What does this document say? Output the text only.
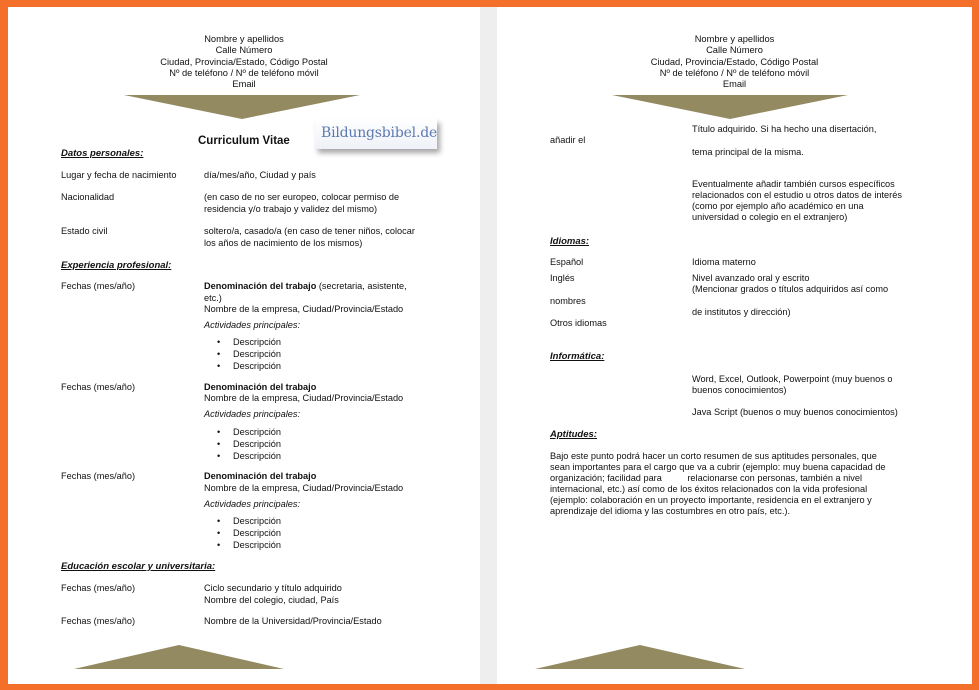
Nombre y apellidos
Calle Número
Ciudad, Provincia/Estado, Código Postal
Nº de teléfono / Nº de teléfono móvil
Email
Bildungsbibel.de
Curriculum Vitae
Datos personales:
Lugar y fecha de nacimiento	día/mes/año, Ciudad y país
Nacionalidad	(en caso de no ser europeo, colocar permiso de
residencia y/o trabajo y validez del mismo)
Estado civil	soltero/a, casado/a (en caso de tener niños, colocar
los años de nacimiento de los mismos)
Experiencia profesional:
Fechas (mes/año)	Denominación del trabajo (secretaria, asistente,
etc.)
Nombre de la empresa, Ciudad/Provincia/Estado
Actividades principales:
• Descripción
• Descripción
• Descripción
Fechas (mes/año)	Denominación del trabajo
Nombre de la empresa, Ciudad/Provincia/Estado
Actividades principales:
• Descripción
• Descripción
• Descripción
Fechas (mes/año)	Denominación del trabajo
Nombre de la empresa, Ciudad/Provincia/Estado
Actividades principales:
• Descripción
• Descripción
• Descripción
Educación escolar y universitaria:
Fechas (mes/año)	Ciclo secundario y título adquirido
Nombre del colegio, ciudad, País
Fechas (mes/año)	Nombre de la Universidad/Provincia/Estado
Nombre y apellidos
Calle Número
Ciudad, Provincia/Estado, Código Postal
Nº de teléfono / Nº de teléfono móvil
Email
Título adquirido. Si ha hecho una disertación,
añadir el
tema principal de la misma.
Eventualmente añadir también cursos específicos
relacionados con el estudio u otros datos de interés
(como por ejemplo año académico en una
universidad o colegio en el extranjero)
Idiomas:
Español	Idioma materno
Inglés	Nivel avanzado oral y escrito
(Mencionar grados o títulos adquiridos así como
nombres
de institutos y dirección)
Otros idiomas
Informática:
Word, Excel, Outlook, Powerpoint (muy buenos o
buenos conocimientos)
Java Script (buenos o muy buenos conocimientos)
Aptitudes:
Bajo este punto podrá hacer un corto resumen de sus aptitudes personales, que
sean importantes para el cargo que va a cubrir (ejemplo: muy buena capacidad de
organización; facilidad para          relacionarse con personas, también a nivel
internacional, etc.) así como de los éxitos relacionados con la vida profesional
(ejemplo: colaboración en un proyecto importante, residencia en el extranjero y
aprendizaje del idioma y las costumbres en otro país, etc.).
